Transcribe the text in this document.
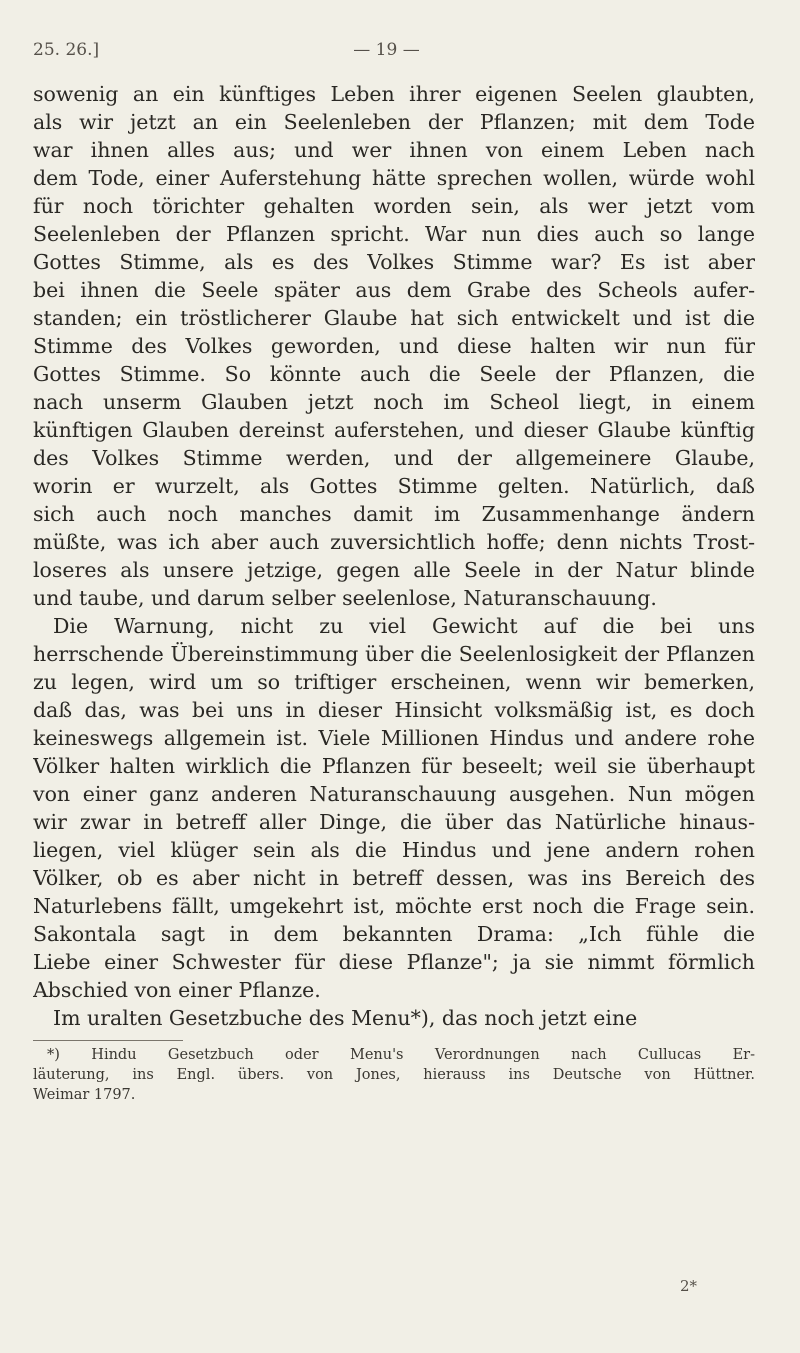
25. 26.]	— 19 —
sowenig an ein künftiges Leben ihrer eigenen Seelen glaubten,
als wir jetzt an ein Seelenleben der Pflanzen; mit dem Tode
war ihnen alles aus; und wer ihnen von einem Leben nach
dem Tode, einer Auferstehung hätte sprechen wollen, würde wohl
für noch törichter gehalten worden sein, als wer jetzt vom
Seelenleben der Pflanzen spricht. War nun dies auch so lange
Gottes Stimme, als es des Volkes Stimme war? Es ist aber
bei ihnen die Seele später aus dem Grabe des Scheols aufer-
standen; ein tröstlicherer Glaube hat sich entwickelt und ist die
Stimme des Volkes geworden, und diese halten wir nun für
Gottes Stimme. So könnte auch die Seele der Pflanzen, die
nach unserm Glauben jetzt noch im Scheol liegt, in einem
künftigen Glauben dereinst auferstehen, und dieser Glaube künftig
des Volkes Stimme werden, und der allgemeinere Glaube,
worin er wurzelt, als Gottes Stimme gelten. Natürlich, daß
sich auch noch manches damit im Zusammenhange ändern
müßte, was ich aber auch zuversichtlich hoffe; denn nichts Trost-
loseres als unsere jetzige, gegen alle Seele in der Natur blinde
und taube, und darum selber seelenlose, Naturanschauung.
Die Warnung, nicht zu viel Gewicht auf die bei uns
herrschende Übereinstimmung über die Seelenlosigkeit der Pflanzen
zu legen, wird um so triftiger erscheinen, wenn wir bemerken,
daß das, was bei uns in dieser Hinsicht volksmäßig ist, es doch
keineswegs allgemein ist. Viele Millionen Hindus und andere rohe
Völker halten wirklich die Pflanzen für beseelt; weil sie überhaupt
von einer ganz anderen Naturanschauung ausgehen. Nun mögen
wir zwar in betreff aller Dinge, die über das Natürliche hinaus-
liegen, viel klüger sein als die Hindus und jene andern rohen
Völker, ob es aber nicht in betreff dessen, was ins Bereich des
Naturlebens fällt, umgekehrt ist, möchte erst noch die Frage sein.
Sakontala sagt in dem bekannten Drama: „Ich fühle die
Liebe einer Schwester für diese Pflanze"; ja sie nimmt förmlich
Abschied von einer Pflanze.
Im uralten Gesetzbuche des Menu*), das noch jetzt eine
*) Hindu Gesetzbuch oder Menu's Verordnungen nach Cullucas Er-
läuterung, ins Engl. übers. von Jones, hierauss ins Deutsche von Hüttner.
Weimar 1797.
2*
